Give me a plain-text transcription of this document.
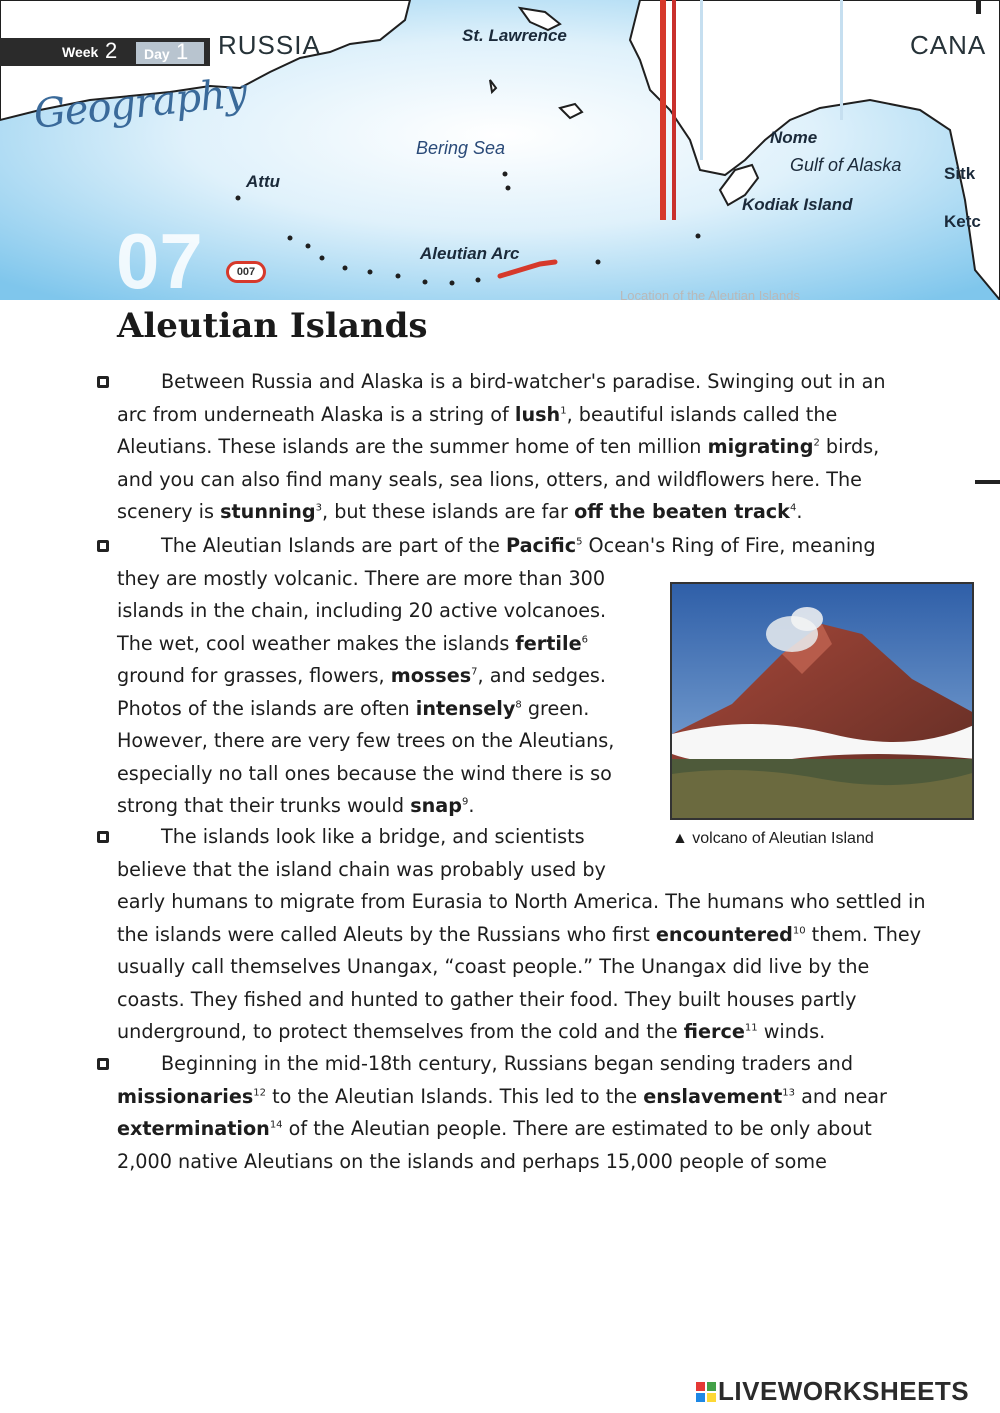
Week 2 Day 1
Geography
07	007
RUSSIA	CANA
St. Lawrence
Nome
Bering Sea
Gulf of Alaska	Sitk
Attu
Kodiak Island
Ketc
Aleutian Arc
Location of the Aleutian Islands
Aleutian Islands

Between Russia and Alaska is a bird-watcher's paradise. Swinging out in an arc from underneath Alaska is a string of lush$^1$, beautiful islands called the Aleutians. These islands are the summer home of ten million migrating$^2$ birds, and you can also find many seals, sea lions, otters, and wildflowers here. The scenery is stunning$^3$, but these islands are far off the beaten track$^4$.

The Aleutian Islands are part of the Pacific$^5$ Ocean's Ring of Fire, meaning
they are mostly volcanic. There are more than 300 islands in the chain, including 20 active volcanoes. The wet, cool weather makes the islands fertile$^6$ ground for grasses, flowers, mosses$^7$, and sedges. Photos of the islands are often intensely$^8$ green. However, there are very few trees on the Aleutians, especially no tall ones because the wind there is so strong that their trunks would snap$^9$.
The islands look like a bridge, and scientists
believe that the island chain was probably used by
early humans to migrate from Eurasia to North America. The humans who settled in the islands were called Aleuts by the Russians who first encountered$^{10}$ them. They usually call themselves Unangax, “coast people.” The Unangax did live by the coasts. They fished and hunted to gather their food. They built houses partly underground, to protect themselves from the cold and the fierce$^{11}$ winds.

Beginning in the mid-18th century, Russians began sending traders and missionaries$^{12}$ to the Aleutian Islands. This led to the enslavement$^{13}$ and near extermination$^{14}$ of the Aleutian people. There are estimated to be only about 2,000 native Aleutians on the islands and perhaps 15,000 people of some

▲ volcano of Aleutian Island
LIVEWORKSHEETS
